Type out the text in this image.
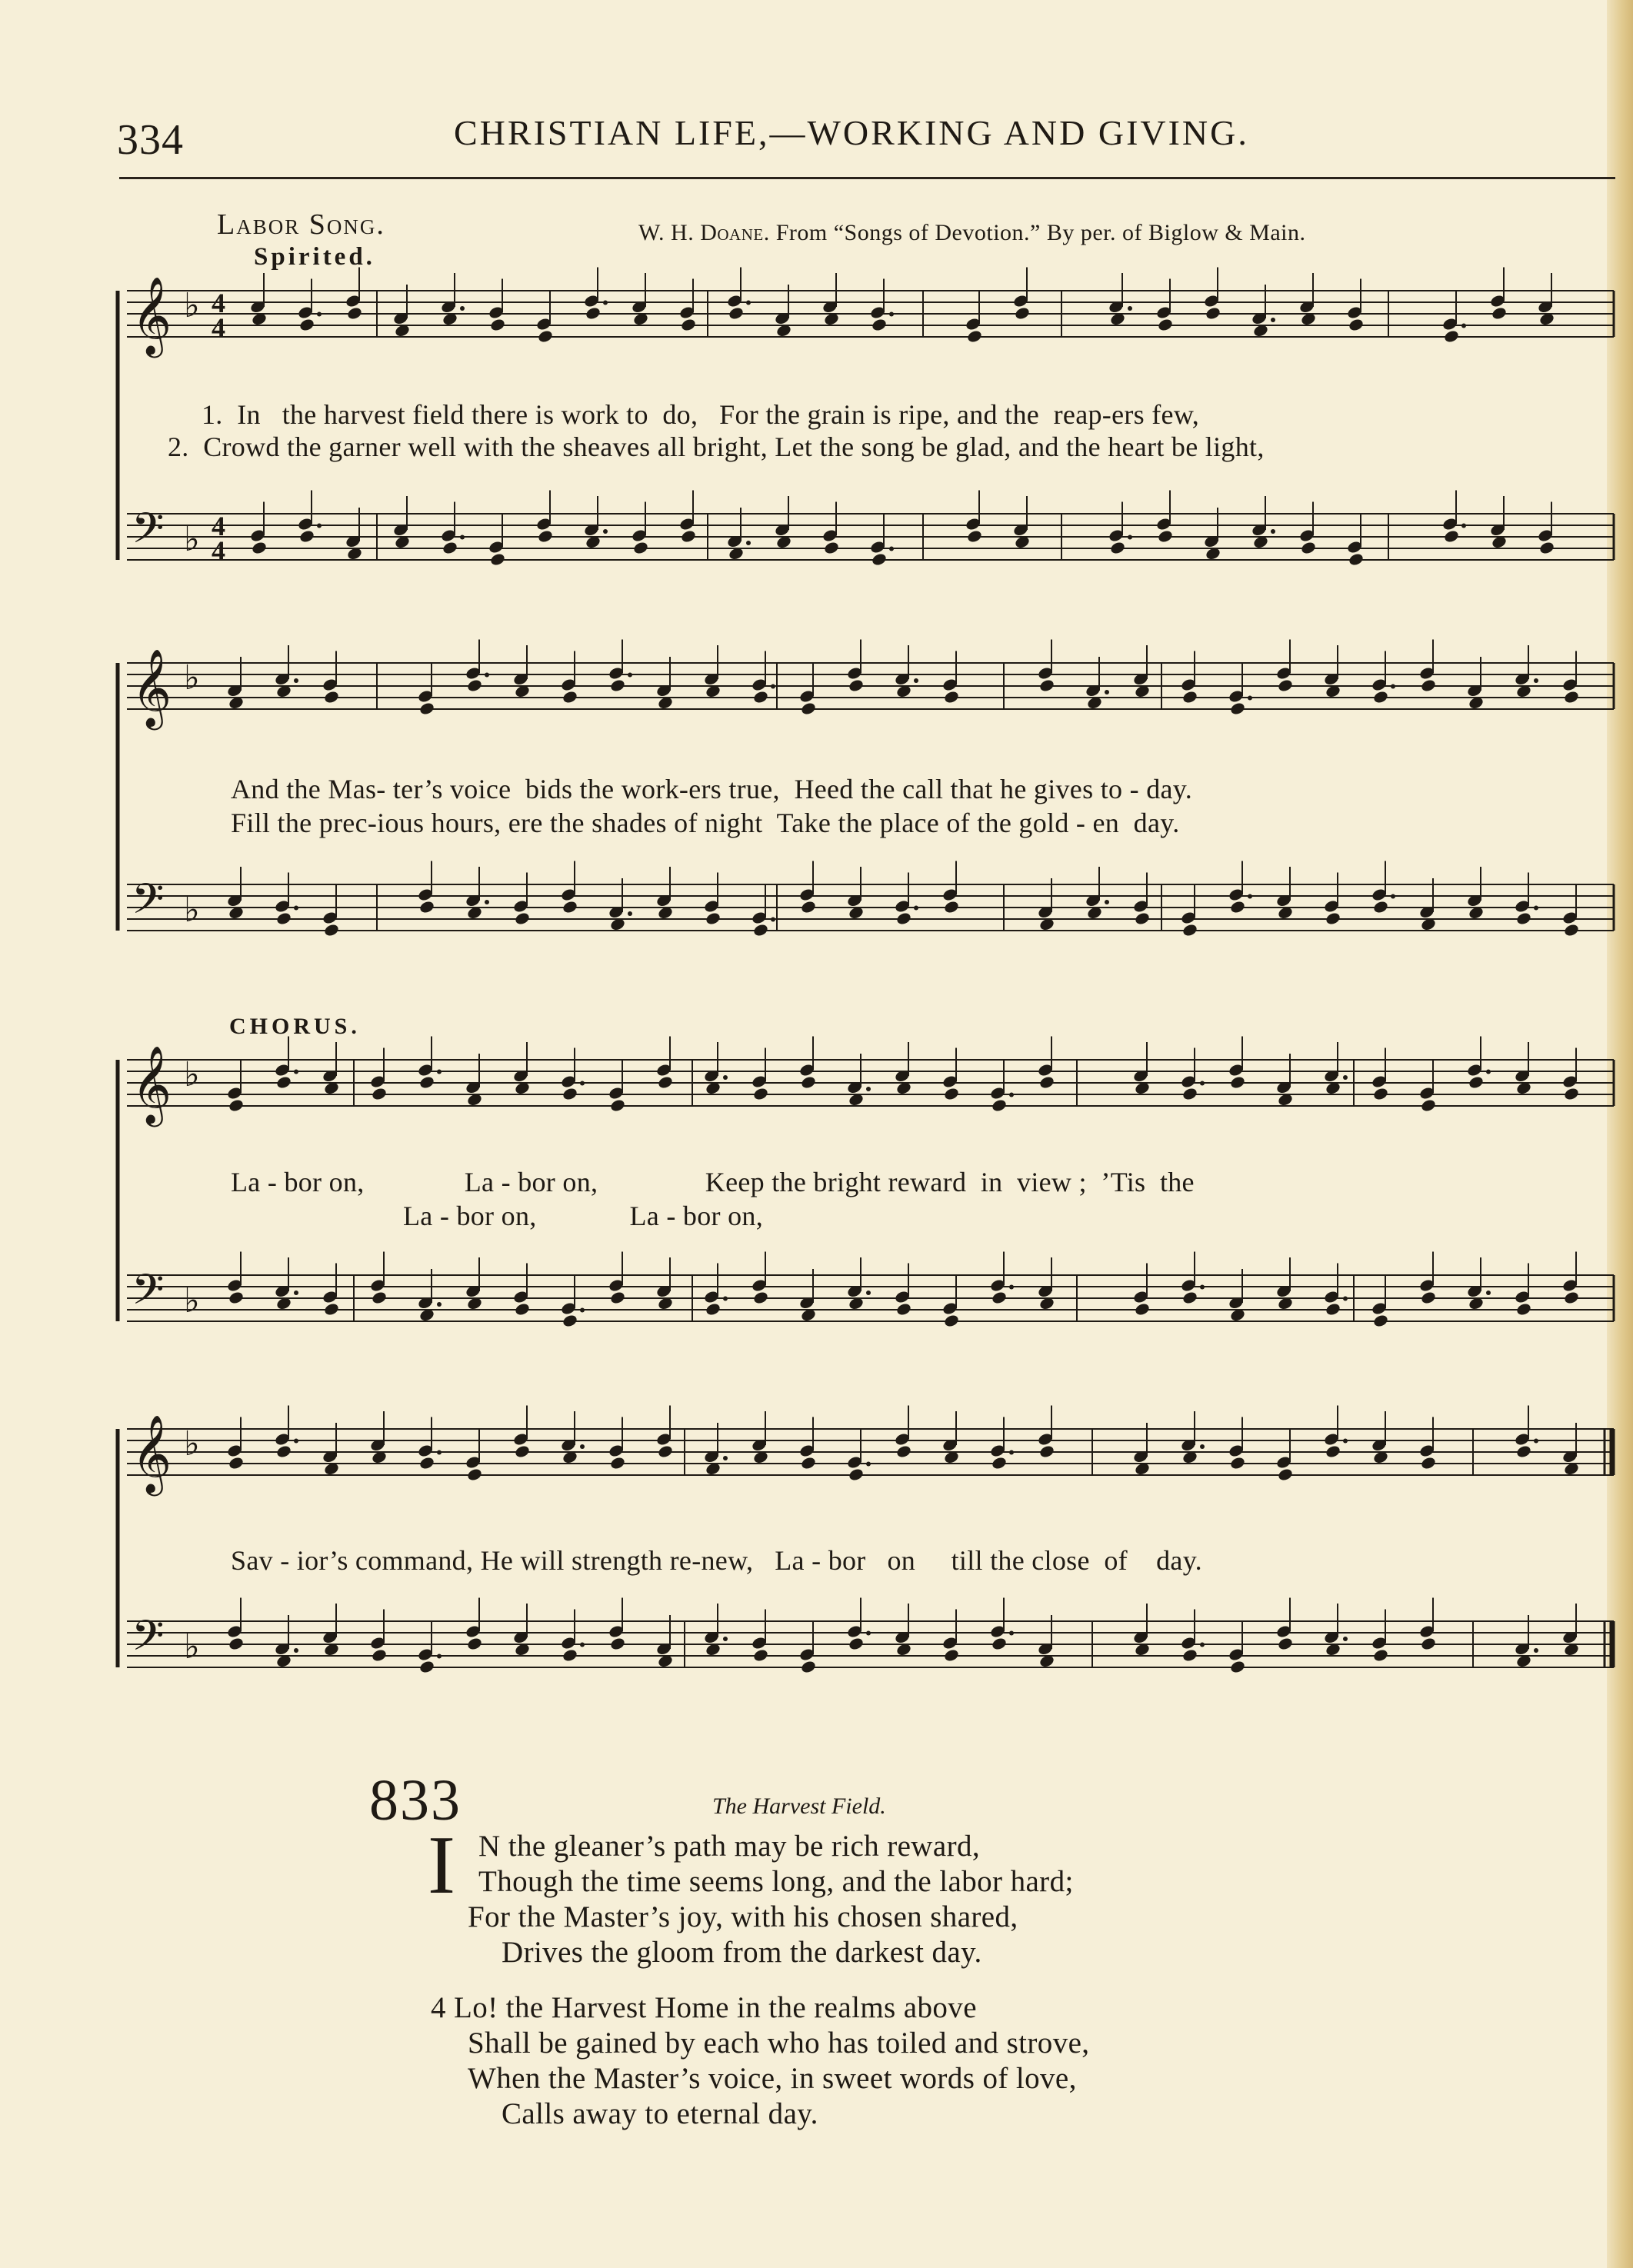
334	CHRISTIAN LIFE,—WORKING AND GIVING.
Labor Song.
Spirited.
W. H. Doane. From “Songs of Devotion.” By per. of Biglow & Main.
𝄞 ♭ 4
4
𝄢 ♭ 4
4
𝄞 ♭
𝄢 ♭
𝄞 ♭
𝄢 ♭
𝄞 ♭
𝄢 ♭
1.  In   the harvest field there is work to  do,   For the grain is ripe, and the  reap-ers few,
2.  Crowd the garner well with the sheaves all bright, Let the song be glad, and the heart be light,
And the Mas- ter’s voice  bids the work-ers true,  Heed the call that he gives to - day.
Fill the prec-ious hours, ere the shades of night  Take the place of the gold - en  day.
CHORUS.
La - bor on,              La - bor on,               Keep the bright reward  in  view ;  ’Tis  the
La - bor on,             La - bor on,
Sav - ior’s command, He will strength re-new,   La - bor   on     till the close  of    day.
833	The Harvest Field.
I N the gleaner’s path may be rich reward,
Though the time seems long, and the labor hard;
For the Master’s joy, with his chosen shared,
Drives the gloom from the darkest day.
4 Lo! the Harvest Home in the realms above
Shall be gained by each who has toiled and strove,
When the Master’s voice, in sweet words of love,
Calls away to eternal day.
